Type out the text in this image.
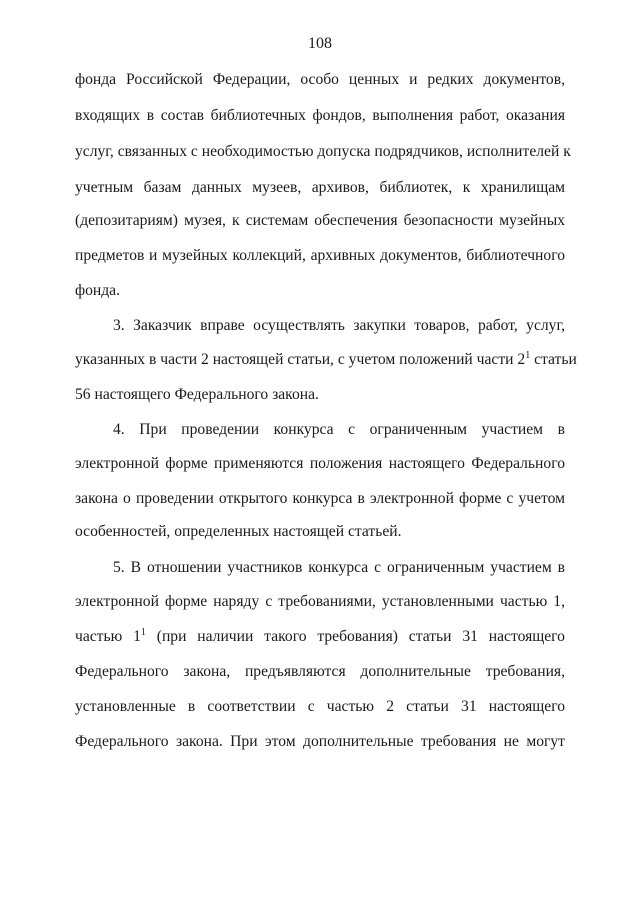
108
фонда Российской Федерации, особо ценных и редких документов,
входящих в состав библиотечных фондов, выполнения работ, оказания
услуг, связанных с необходимостью допуска подрядчиков, исполнителей к
учетным базам данных музеев, архивов, библиотек, к хранилищам
(депозитариям) музея, к системам обеспечения безопасности музейных
предметов и музейных коллекций, архивных документов, библиотечного
фонда.
3. Заказчик вправе осуществлять закупки товаров, работ, услуг,
указанных в части 2 настоящей статьи, с учетом положений части $2^1$ статьи
56 настоящего Федерального закона.
4. При проведении конкурса с ограниченным участием в
электронной форме применяются положения настоящего Федерального
закона о проведении открытого конкурса в электронной форме с учетом
особенностей, определенных настоящей статьей.
5. В отношении участников конкурса с ограниченным участием в
электронной форме наряду с требованиями, установленными частью 1,
частью $1^1$ (при наличии такого требования) статьи 31 настоящего
Федерального закона, предъявляются дополнительные требования,
установленные в соответствии с частью 2 статьи 31 настоящего
Федерального закона. При этом дополнительные требования не могут
